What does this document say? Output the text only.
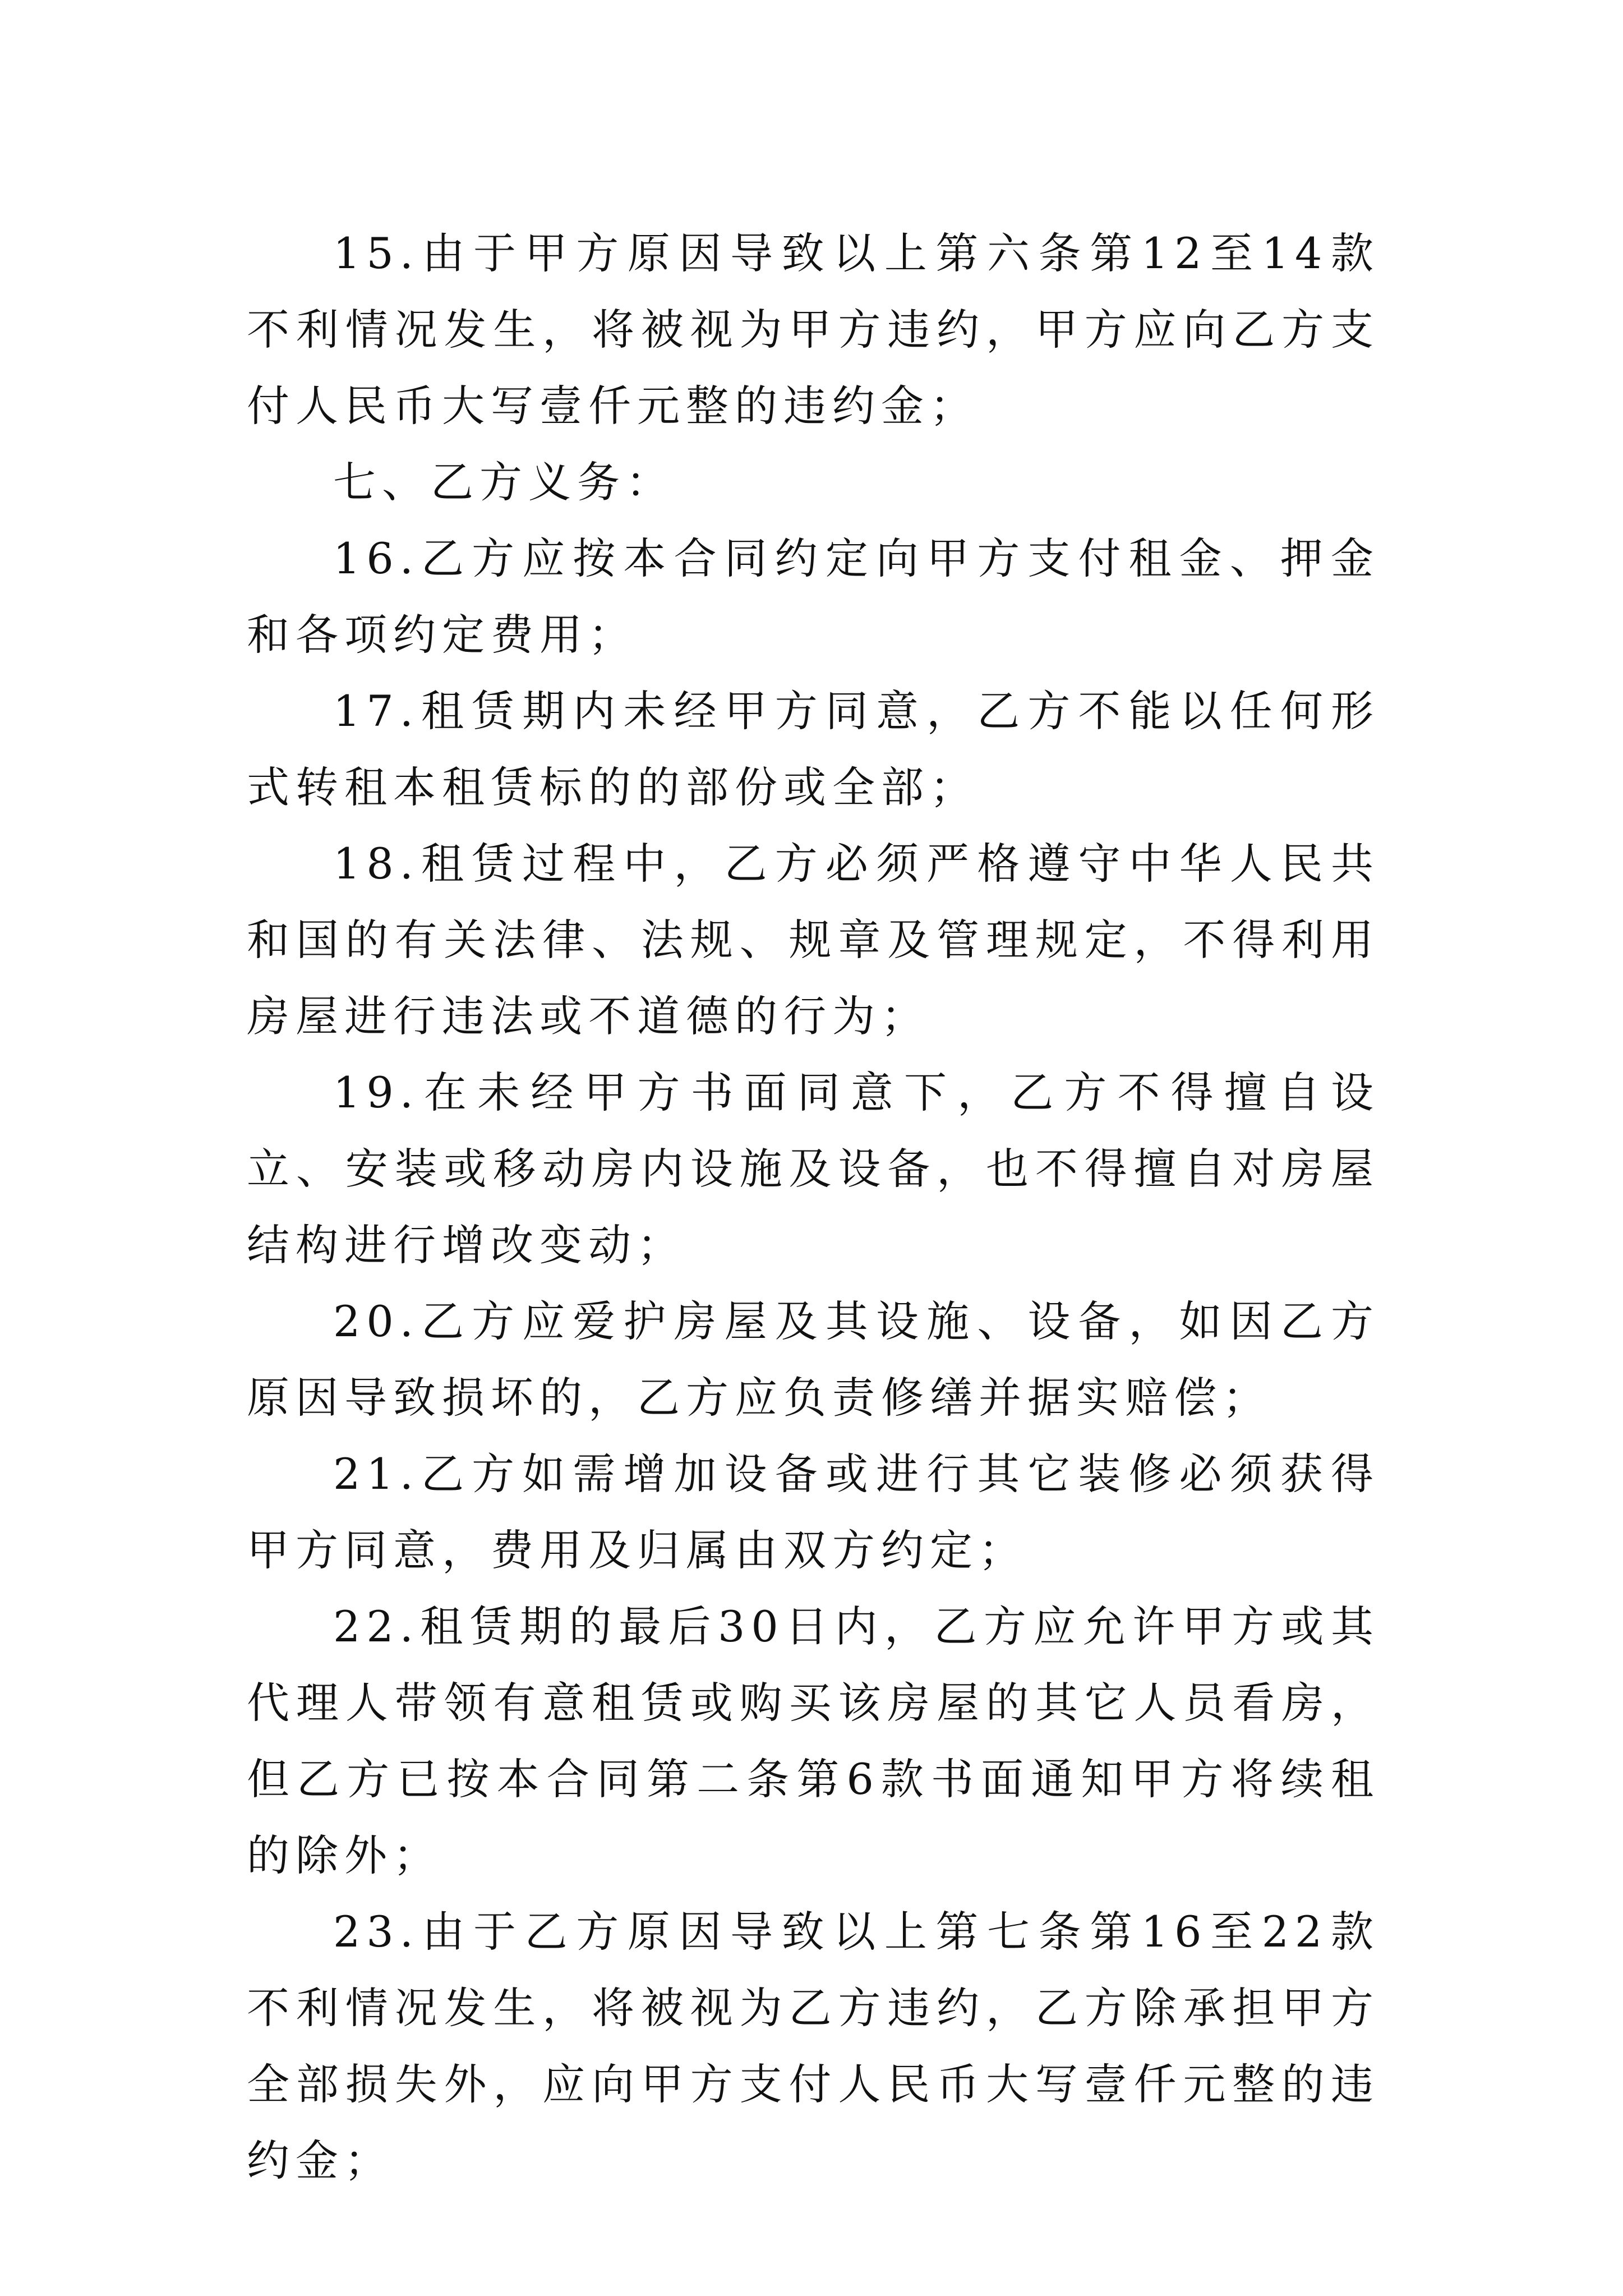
15.由于甲方原因导致以上第六条第12至14款不利情况发生，将被视为甲方违约，甲方应向乙方支付人民币大写壹仟元整的违约金；

七、乙方义务：

16.乙方应按本合同约定向甲方支付租金、押金和各项约定费用；

17.租赁期内未经甲方同意，乙方不能以任何形式转租本租赁标的的部份或全部；

18.租赁过程中，乙方必须严格遵守中华人民共和国的有关法律、法规、规章及管理规定，不得利用房屋进行违法或不道德的行为；

19.在未经甲方书面同意下，乙方不得擅自设立、安装或移动房内设施及设备，也不得擅自对房屋结构进行增改变动；

20.乙方应爱护房屋及其设施、设备，如因乙方原因导致损坏的，乙方应负责修缮并据实赔偿；

21.乙方如需增加设备或进行其它装修必须获得甲方同意，费用及归属由双方约定；

22.租赁期的最后30日内，乙方应允许甲方或其代理人带领有意租赁或购买该房屋的其它人员看房，但乙方已按本合同第二条第6款书面通知甲方将续租的除外；

23.由于乙方原因导致以上第七条第16至22款不利情况发生，将被视为乙方违约，乙方除承担甲方全部损失外，应向甲方支付人民币大写壹仟元整的违约金；
